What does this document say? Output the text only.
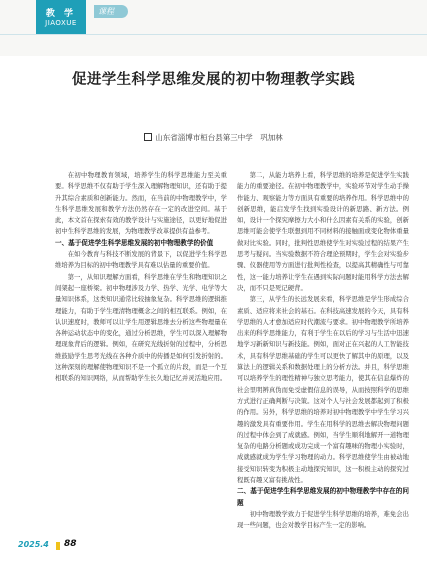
教 学
JIAOXUE
课程
促进学生科学思维发展的初中物理教学实践
山东省淄博市桓台县第三中学　巩加林

在初中物理教育领域，培养学生的科学思维能力至关重要。科学思维不仅有助于学生深入理解物理知识，还有助于提升其综合素质和创新能力。然而，在当前的中物理教学中，学生科学思维发展和教学方法仍然存在一定的改进空间。基于此，本文首在探索有效的教学设计与实施途径，以更好地促进初中生科学思维的发展，为物理教学改革提供有益参考。

一、基于促进学生科学思维发展的初中物理教学的价值

在如今教育与科技不断发展的背景下，以促进学生科学思维培养为目标的初中物理教学具有难以估量的重要价值。

第一，从知识理解方面看，科学思维在学生和物理知识之间架起一座桥梁。初中物理涉及力学、热学、光学、电学等大量知识体系，这类知识通常比较抽象复杂。科学思维的逻辑推理能力，有助于学生理清物理概念之间的相互联系。例如，在认识速度时，教师可以让学生用逻辑思维去分析这些物理量在各种运动状态中的变化，通过分析思维，学生可以深入理解物理现象背后的逻辑。例如，在研究光线折射的过程中，分析思维鼓励学生思考光线在各种介质中的传播是如何引发折射的。这种深刻的理解使物理知识不是一个孤立的片段，而是一个互相联系的知识网络，从而帮助学生长久地记忆并灵活地应用。

第二，从能力培养上看，科学思维的培养是促进学生实践能力的重要途径。在初中物理教学中，实验环节对学生动手操作能力、观察能力等方面具有重要的培养作用。科学思维中的创新思维，能启发学生找到实验设计的新思路、新方法。例如，设计一个探究摩擦力大小和什么因素有关系的实验，创新思维可能会使学生联想到用不同材料的接触面或变化物体重量做对比实验。同时，批判性思维使学生对实验过程的结果产生思考与疑问。当实验数据不符合理论预期时，学生会对实验步骤、仪器使用等方面进行批判性检查，以提高其精确性与可靠性，这一能力培养让学生在遇到实际问题时能用科学方法去解决，而不只是死记硬背。

第三，从学生的长远发展来看，科学思维是学生形成综合素质、适应将来社会的基石。在科技高速发展的今天，具有科学思维的人才愈加适应时代潮流与要求。初中物理教学所培养出来的科学思维能力，有利于学生在以后的学习与生活中迅速地学习新新知识与新技能。例如，面对正在兴起的人工智能技术，具有科学思维基础的学生可以更快了解其中的原理，以及算法上的逻辑关系和数据处理上的分析方法。并且，科学思维可以培养学生的理性精神与独立思考能力，使其在信息爆炸的社会里明辨真伪而免受虚假信息的误导，从而按照科学的思维方式进行正确判断与决策。这对个人与社会发展都起到了积极的作用。另外，科学思维的培养对初中物理教学中学生学习兴趣的激发具有重要作用。学生在用科学的思维去解决物理问题的过程中体会到了成就感。例如，当学生顺利地解开一道物理复杂的电路分析题或成功完成一个富有趣味的物理小实验时，成就感就成为学生学习物理的动力。科学思维使学生由被动地接受知识转变为积极主动地探究知识，这一积极主动的探究过程既有趣又富有挑战性。

二、基于促进学生科学思维发展的初中物理教学中存在的问题

初中物理教学致力于促进学生科学思维的培养，难免会出现一些问题，也会对教学目标产生一定的影响。

2025.4 88
